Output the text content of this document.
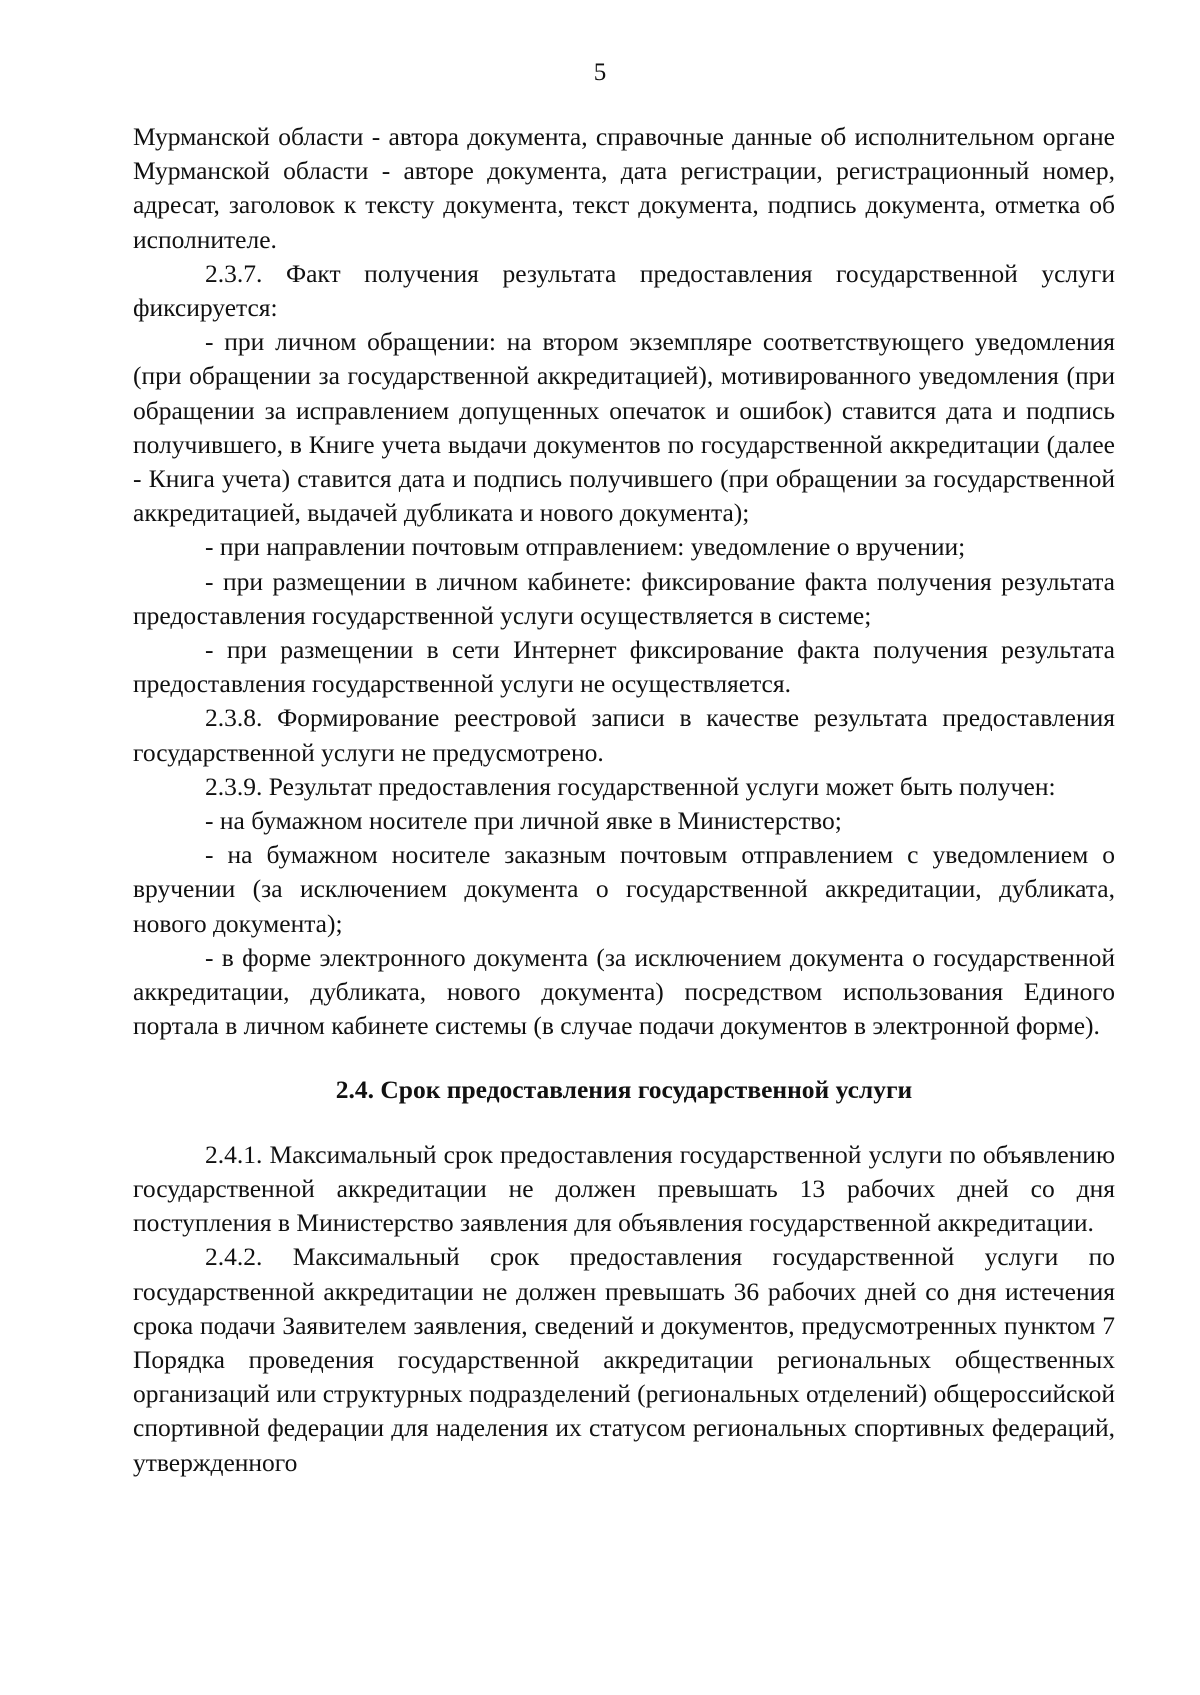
5

Мурманской области - автора документа, справочные данные об исполнительном органе Мурманской области - авторе документа, дата регистрации, регистрационный номер, адресат, заголовок к тексту документа, текст документа, подпись документа, отметка об исполнителе.

2.3.7. Факт получения результата предоставления государственной услуги фиксируется:

- при личном обращении: на втором экземпляре соответствующего уведомления (при обращении за государственной аккредитацией), мотивированного уведомления (при обращении за исправлением допущенных опечаток и ошибок) ставится дата и подпись получившего, в Книге учета выдачи документов по государственной аккредитации (далее - Книга учета) ставится дата и подпись получившего (при обращении за государственной аккредитацией, выдачей дубликата и нового документа);

- при направлении почтовым отправлением: уведомление о вручении;

- при размещении в личном кабинете: фиксирование факта получения результата предоставления государственной услуги осуществляется в системе;

- при размещении в сети Интернет фиксирование факта получения результата предоставления государственной услуги не осуществляется.

2.3.8. Формирование реестровой записи в качестве результата предоставления государственной услуги не предусмотрено.

2.3.9. Результат предоставления государственной услуги может быть получен:

- на бумажном носителе при личной явке в Министерство;

- на бумажном носителе заказным почтовым отправлением с уведомлением о вручении (за исключением документа о государственной аккредитации, дубликата, нового документа);

- в форме электронного документа (за исключением документа о государственной аккредитации, дубликата, нового документа) посредством использования Единого портала в личном кабинете системы (в случае подачи документов в электронной форме).

2.4. Срок предоставления государственной услуги

2.4.1. Максимальный срок предоставления государственной услуги по объявлению государственной аккредитации не должен превышать 13 рабочих дней со дня поступления в Министерство заявления для объявления государственной аккредитации.

2.4.2. Максимальный срок предоставления государственной услуги по государственной аккредитации не должен превышать 36 рабочих дней со дня истечения срока подачи Заявителем заявления, сведений и документов, предусмотренных пунктом 7 Порядка проведения государственной аккредитации региональных общественных организаций или структурных подразделений (региональных отделений) общероссийской спортивной федерации для наделения их статусом региональных спортивных федераций, утвержденного
